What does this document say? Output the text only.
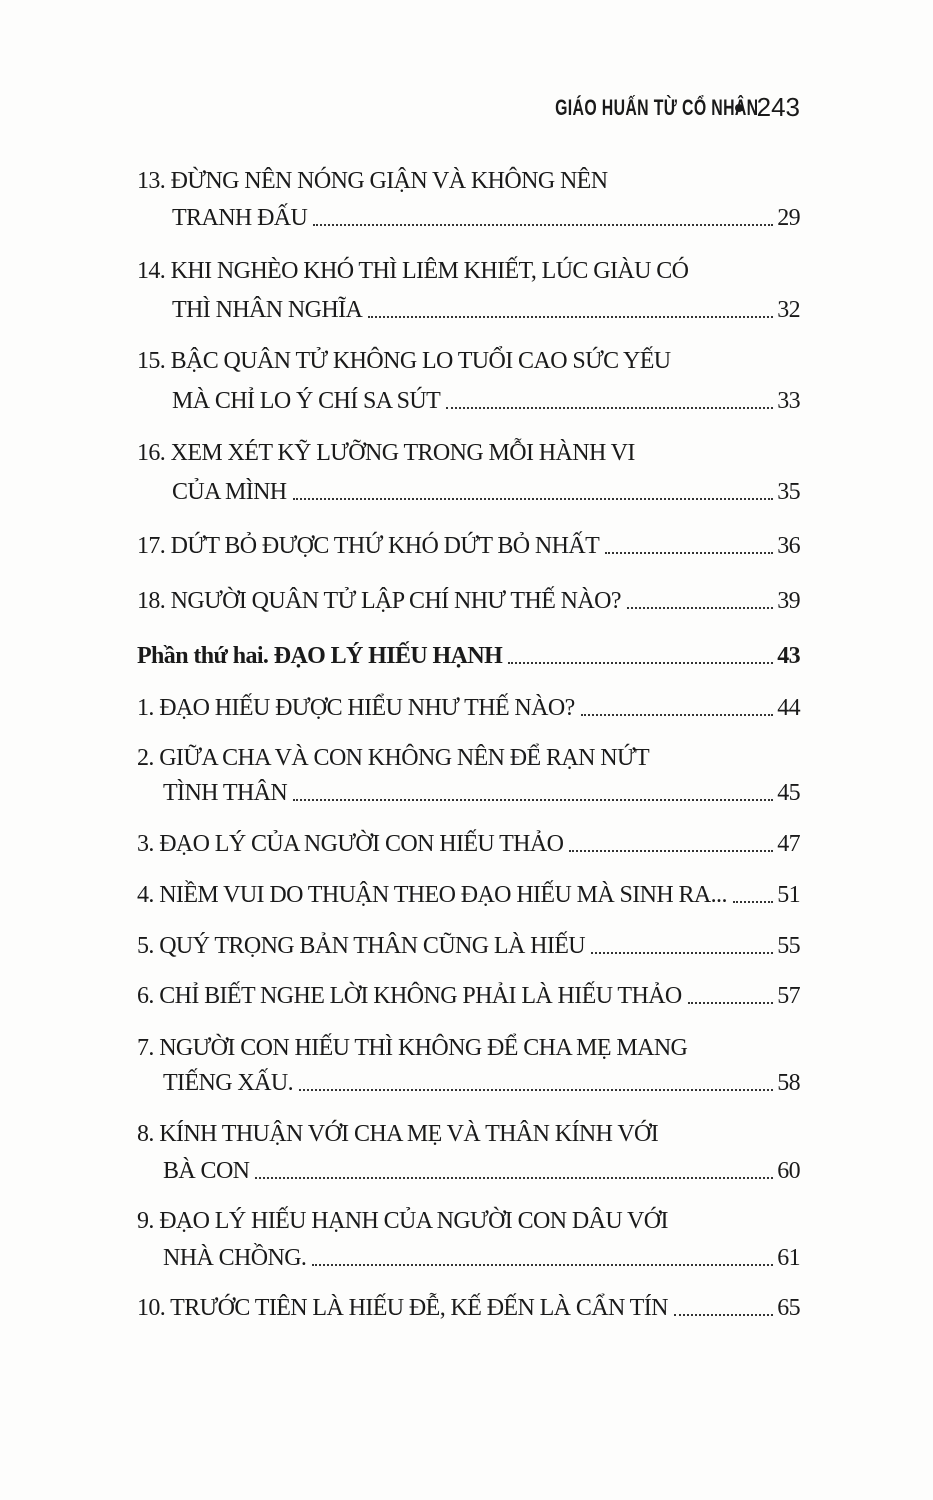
GIÁO HUẤN TỪ CỔ NHÂN
243
13. ĐỪNG NÊN NÓNG GIẬN VÀ KHÔNG NÊN
TRANH ĐẤU	29
14. KHI NGHÈO KHÓ THÌ LIÊM KHIẾT, LÚC GIÀU CÓ
THÌ NHÂN NGHĨA	32
15. BẬC QUÂN TỬ KHÔNG LO TUỔI CAO SỨC YẾU
MÀ CHỈ LO Ý CHÍ SA SÚT	33
16. XEM XÉT KỸ LƯỠNG TRONG MỖI HÀNH VI
CỦA MÌNH	35
17. DỨT BỎ ĐƯỢC THỨ KHÓ DỨT BỎ NHẤT	36
18. NGƯỜI QUÂN TỬ LẬP CHÍ NHƯ THẾ NÀO?	39
Phần thứ hai. ĐẠO LÝ HIẾU HẠNH	43
1. ĐẠO HIẾU ĐƯỢC HIỂU NHƯ THẾ NÀO?	44
2. GIỮA CHA VÀ CON KHÔNG NÊN ĐỂ RẠN NỨT
TÌNH THÂN	45
3. ĐẠO LÝ CỦA NGƯỜI CON HIẾU THẢO	47
4. NIỀM VUI DO THUẬN THEO ĐẠO HIẾU MÀ SINH RA... 51
5. QUÝ TRỌNG BẢN THÂN CŨNG LÀ HIẾU	55
6. CHỈ BIẾT NGHE LỜI KHÔNG PHẢI LÀ HIẾU THẢO	57
7. NGƯỜI CON HIẾU THÌ KHÔNG ĐỂ CHA MẸ MANG
TIẾNG XẤU.	58
8. KÍNH THUẬN VỚI CHA MẸ VÀ THÂN KÍNH VỚI
BÀ CON	60
9. ĐẠO LÝ HIẾU HẠNH CỦA NGƯỜI CON DÂU VỚI
NHÀ CHỒNG.	61
10. TRƯỚC TIÊN LÀ HIẾU ĐỄ, KẾ ĐẾN LÀ CẨN TÍN	65
